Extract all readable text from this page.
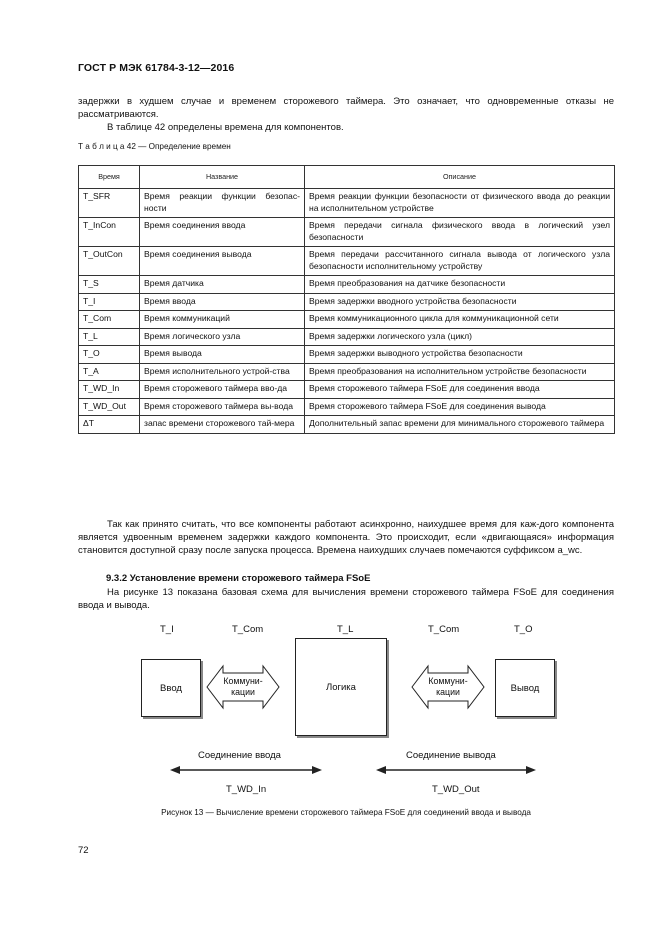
ГОСТ Р МЭК 61784-3-12—2016
задержки в худшем случае и временем сторожевого таймера. Это означает, что одновременные отказы не рассматриваются.
В таблице 42 определены времена для компонентов.
Т а б л и ц а 42 — Определение времен
Время	Название	Описание
T_SFR	Время реакции функции безопас-ности	Время реакции функции безопасности от физического ввода до реакции на исполнительном устройстве
T_InCon	Время соединения ввода	Время передачи сигнала физического ввода в логический узел безопасности
T_OutCon	Время соединения вывода	Время передачи рассчитанного сигнала вывода от логического узла безопасности исполнительному устройству
T_S	Время датчика	Время преобразования на датчике безопасности
T_I	Время ввода	Время задержки вводного устройства безопасности
T_Com	Время коммуникаций	Время коммуникационного цикла для коммуникационной сети
T_L	Время логического узла	Время задержки логического узла (цикл)
T_O	Время вывода	Время задержки выводного устройства безопасности
T_A	Время исполнительного устрой-ства	Время преобразования на исполнительном устройстве безопасности
T_WD_In	Время сторожевого таймера вво-да	Время сторожевого таймера FSoE для соединения ввода
T_WD_Out	Время сторожевого таймера вы-вода	Время сторожевого таймера FSoE для соединения вывода
ΔT	запас времени сторожевого тай-мера	Дополнительный запас времени для минимального сторожевого таймера
Так как принято считать, что все компоненты работают асинхронно, наихудшее время для каж-дого компонента является удвоенным временем задержки каждого компонента. Это происходит, если «двигающаяся» информация становится доступной сразу после запуска процесса. Времена наихудших случаев помечаются суффиксом a_wc.
9.3.2 Установление времени сторожевого таймера FSoE
На рисунке 13 показана базовая схема для вычисления времени сторожевого таймера FSoE для соединения ввода и вывода.
T_I	T_Com	T_L	T_Com	T_O
Ввод	Логика	Вывод
Коммуни-
кации
Коммуни-
кации
Соединение ввода	Соединение вывода
T_WD_In	T_WD_Out
Рисунок 13 — Вычисление времени сторожевого таймера FSoE для соединений ввода и вывода
72
